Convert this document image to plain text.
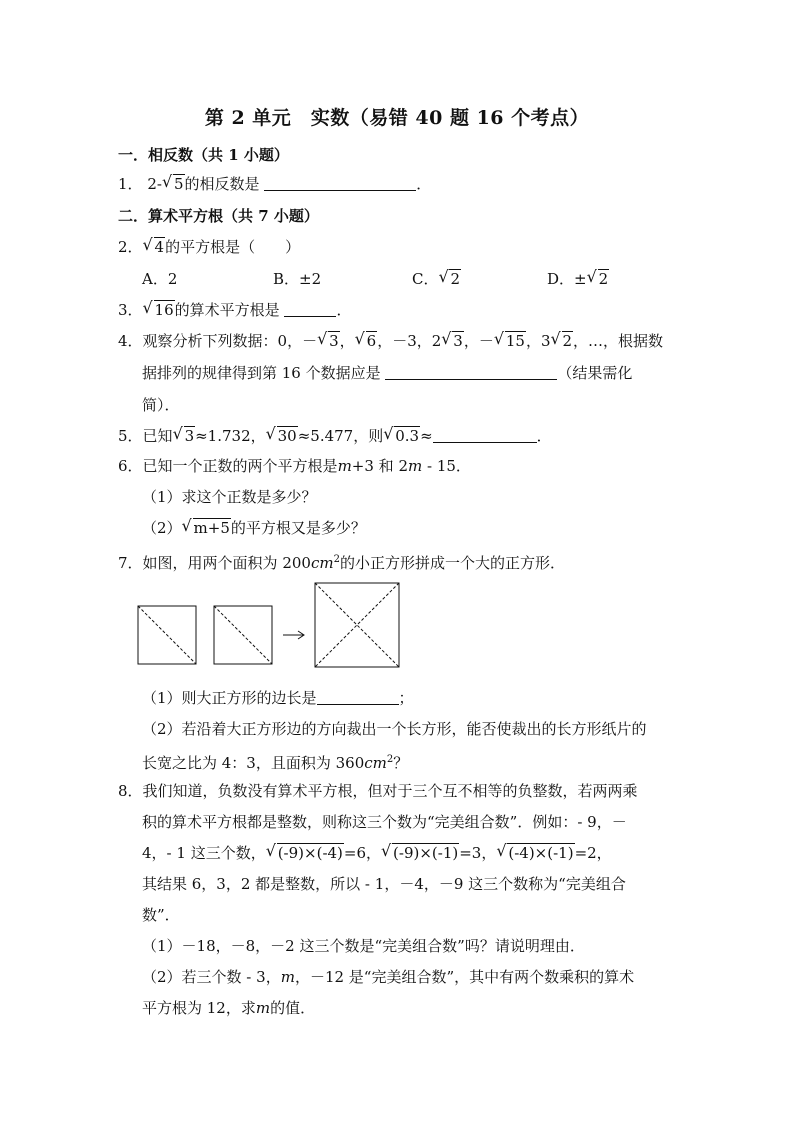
第 2 单元　实数（易错 40 题 16 个考点）
一．相反数（共 1 小题）
1． 2- √ 5的相反数是	．
二．算术平方根（共 7 小题）
2． √ 4的平方根是（　　）
A．2	B．±2	C． √ 2	D．± √ 2
3． √ 16的算术平方根是	．
4．观察分析下列数据：0，－ √ 3， √ 6，－3，2 √ 3，－ √ 15，3 √ 2，…，根据数
据排列的规律得到第 16 个数据应是	（结果需化
简）．
5．已知 √ 3≈1.732， √ 30≈5.477，则 √ 0.3≈	．
6．已知一个正数的两个平方根是m+3 和 2m - 15．
（1）求这个正数是多少？
（2） √ m+5的平方根又是多少？
7．如图，用两个面积为 $200cm^2$的小正方形拼成一个大的正方形．
（1）则大正方形的边长是	；
（2）若沿着大正方形边的方向裁出一个长方形，能否使裁出的长方形纸片的
长宽之比为 4：3，且面积为 $360cm^2$？
8．我们知道，负数没有算术平方根，但对于三个互不相等的负整数，若两两乘
积的算术平方根都是整数，则称这三个数为“完美组合数”．例如：- 9，－
4，- 1 这三个数， √ (-9)×(-4)=6， √ (-9)×(-1)=3， √ (-4)×(-1)=2，
其结果 6，3，2 都是整数，所以 - 1，－4，－9 这三个数称为“完美组合
数”．
（1）－18，－8，－2 这三个数是“完美组合数”吗？请说明理由．
（2）若三个数 - 3，m，－12 是“完美组合数”，其中有两个数乘积的算术
平方根为 12，求m的值．
